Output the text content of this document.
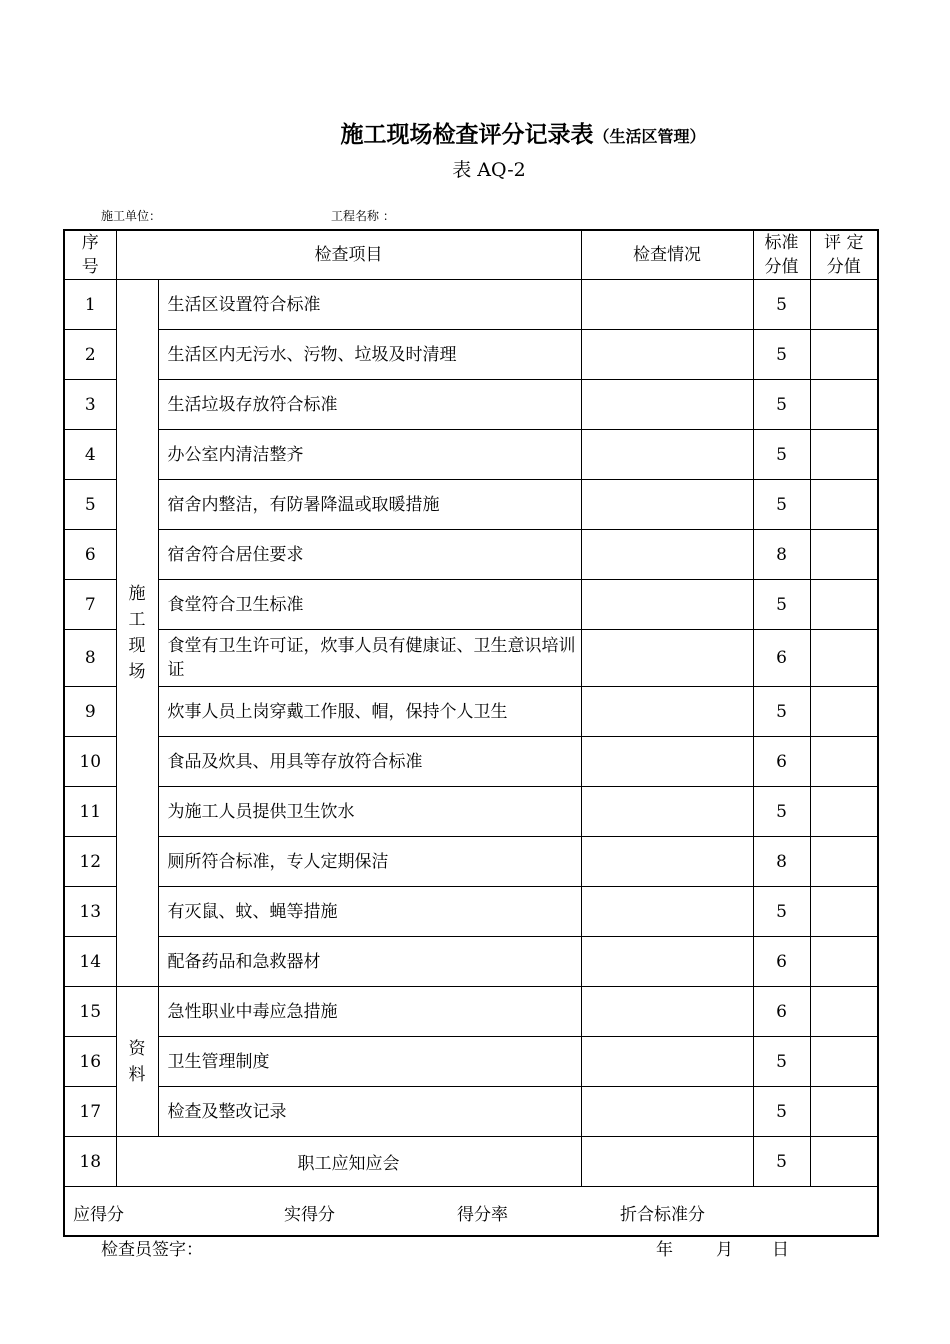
施工现场检查评分记录表（生活区管理）
表 AQ-2
施工单位：	工程名称 ：
序号	检查项目		检查情况	标准分值	评 定分值
1	施工现场	生活区设置符合标准		5	
2		生活区内无污水、污物、垃圾及时清理		5	
3		生活垃圾存放符合标准		5	
4		办公室内清洁整齐		5	
5		宿舍内整洁，有防暑降温或取暖措施		5	
6		宿舍符合居住要求		8	
7		食堂符合卫生标准		5	
8		食堂有卫生许可证，炊事人员有健康证、卫生意识培训证		6	
9		炊事人员上岗穿戴工作服、帽，保持个人卫生		5	
10		食品及炊具、用具等存放符合标准		6	
11		为施工人员提供卫生饮水		5	
12		厕所符合标准，专人定期保洁		8	
13		有灭鼠、蚊、蝇等措施		5	
14		配备药品和急救器材		6	
15	资料	急性职业中毒应急措施		6	
16		卫生管理制度		5	
17		检查及整改记录		5	
18	职工应知应会			5	

应得分 实得分 得分率 折合标准分					
检查员签字：	年	月 日
